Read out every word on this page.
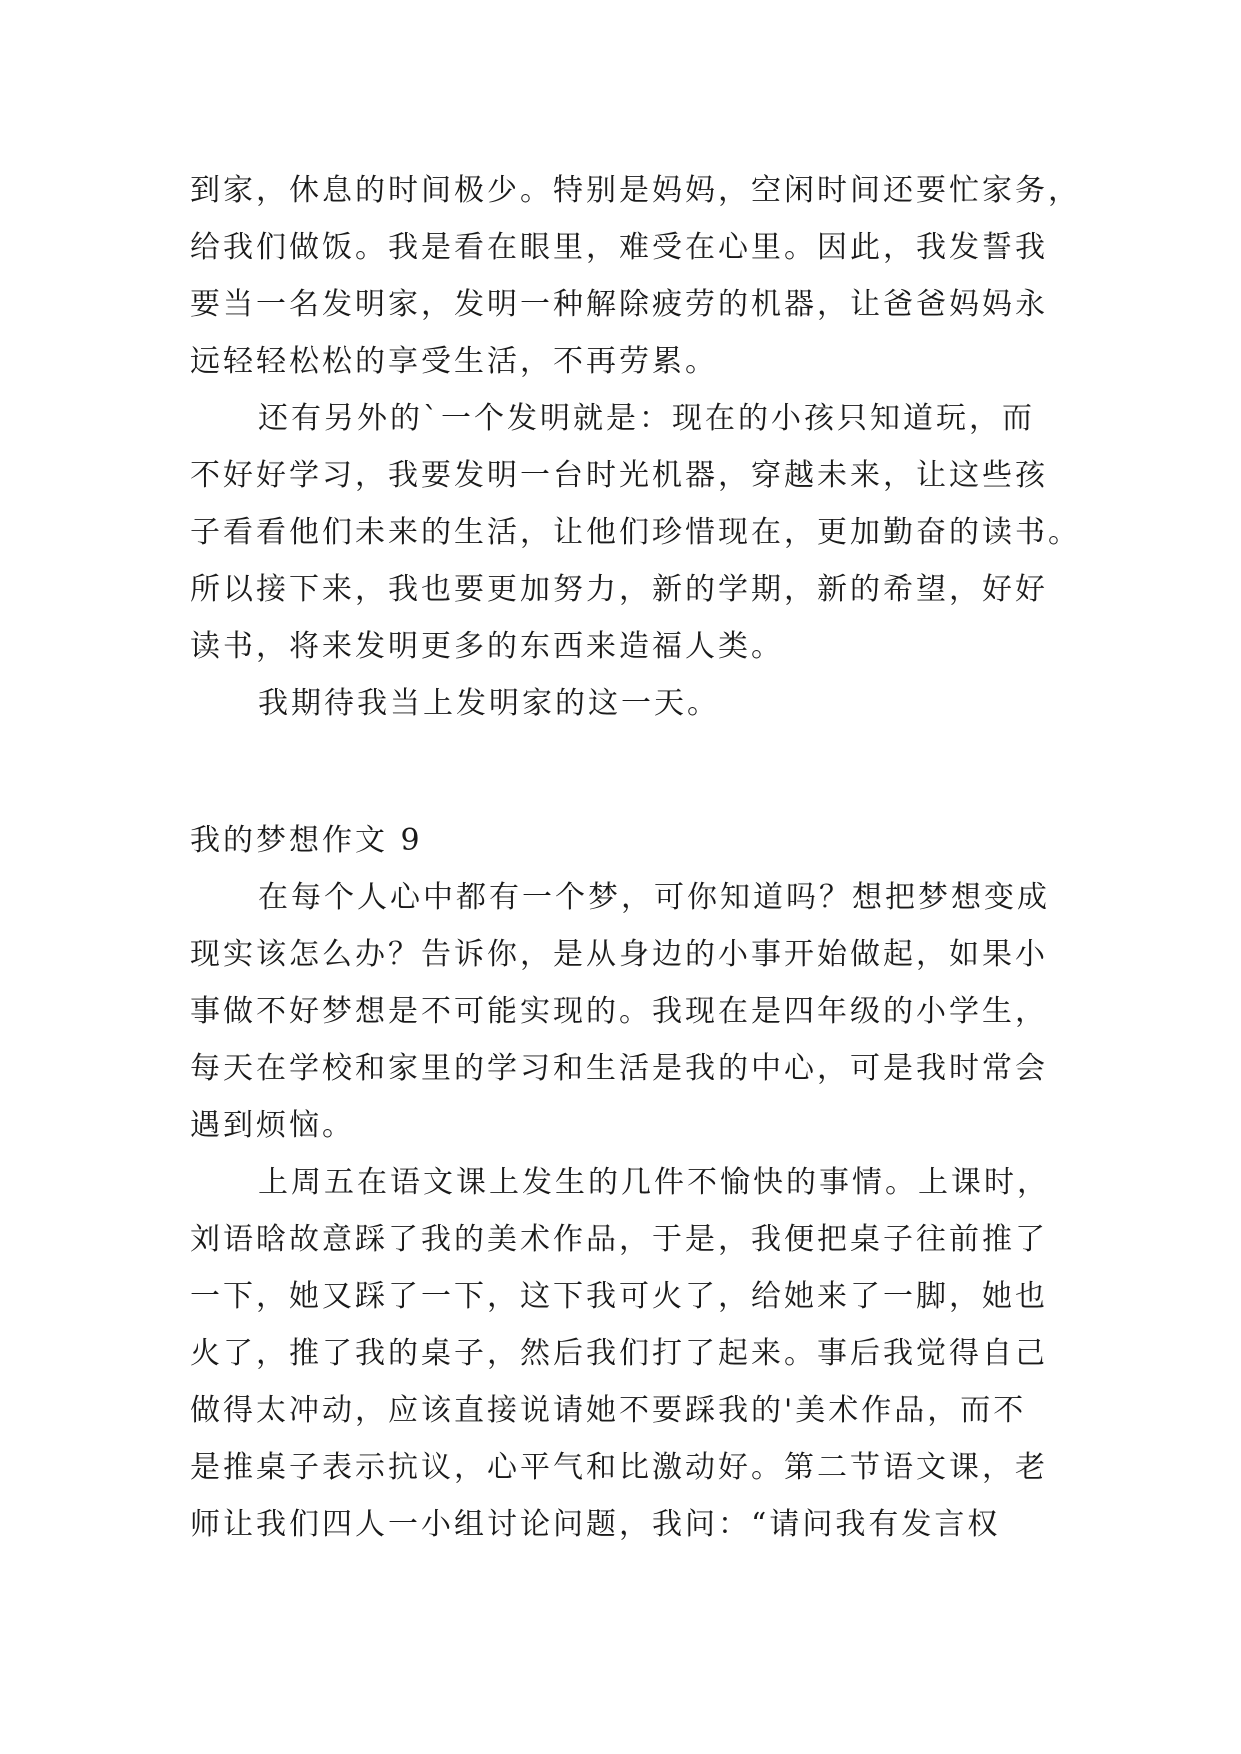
到家，休息的时间极少。特别是妈妈，空闲时间还要忙家务，
给我们做饭。我是看在眼里，难受在心里。因此，我发誓我
要当一名发明家，发明一种解除疲劳的机器，让爸爸妈妈永
远轻轻松松的享受生活，不再劳累。
还有另外的`一个发明就是：现在的小孩只知道玩，而
不好好学习，我要发明一台时光机器，穿越未来，让这些孩
子看看他们未来的生活，让他们珍惜现在，更加勤奋的读书。
所以接下来，我也要更加努力，新的学期，新的希望，好好
读书，将来发明更多的东西来造福人类。
我期待我当上发明家的这一天。
我的梦想作文 9
在每个人心中都有一个梦，可你知道吗？想把梦想变成
现实该怎么办？告诉你，是从身边的小事开始做起，如果小
事做不好梦想是不可能实现的。我现在是四年级的小学生，
每天在学校和家里的学习和生活是我的中心，可是我时常会
遇到烦恼。
上周五在语文课上发生的几件不愉快的事情。上课时，
刘语晗故意踩了我的美术作品，于是，我便把桌子往前推了
一下，她又踩了一下，这下我可火了，给她来了一脚，她也
火了，推了我的桌子，然后我们打了起来。事后我觉得自己
做得太冲动，应该直接说请她不要踩我的'美术作品，而不
是推桌子表示抗议，心平气和比激动好。第二节语文课，老
师让我们四人一小组讨论问题，我问：“请问我有发言权
